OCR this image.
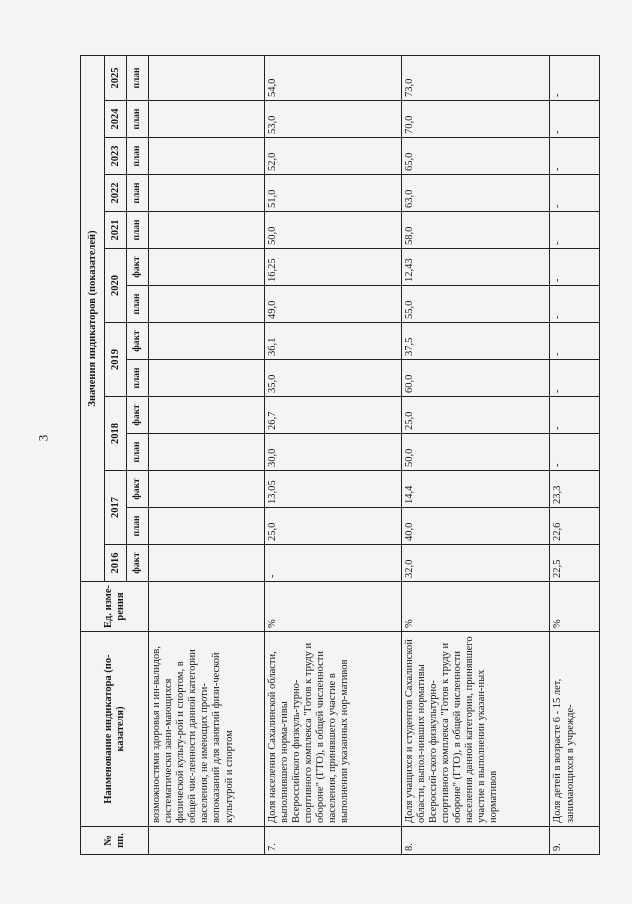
3
№ пп.	Наименование индикатора (по-казателя)	Ед. изме-рения	Значения индикаторов (показателей)													
			2016	2017		2018		2019		2020		2021	2022	2023	2024	2025
			факт	план	факт	план	факт	план	факт	план	факт	план	план	план	план	план
	возможностями здоровья и ин-валидов, систематически зани-мающихся физической культу-рой и спортом, в общей чис-ленности данной категории населения, не имеющих проти-вопоказаний для занятий физи-ческой культурой и спортом															
7.	Доля населения Сахалинской области, выполнившего норма-тивы Всероссийского физкуль-турно-спортивного комплекса "Готов к труду и обороне" (ГТО), в общей численности населения, принявшего участие в выполнении указанных нор-мативов	%	-	25,0	13,05	30,0	26,7	35,0	36,1	49,0	16,25	50,0	51,0	52,0	53,0	54,0
8.	Доля учащихся и студентов Сахалинской области, выпол-нивших нормативы Всероссий-ского физкультурно-спортивного комплекса "Готов к труду и обороне" (ГТО), в общей численности населения данной категории, принявшего участие в выполнении указан-ных нормативов	%	32,0	40,0	14,4	50,0	25,0	60,0	37,5	55,0	12,43	58,0	63,0	65,0	70,0	73,0
9.	Доля детей в возрасте 6 - 15 лет, занимающихся в учрежде-	%	22,5	22,6	23,3	-	-	-	-	-	-	-	-	-	-	-
